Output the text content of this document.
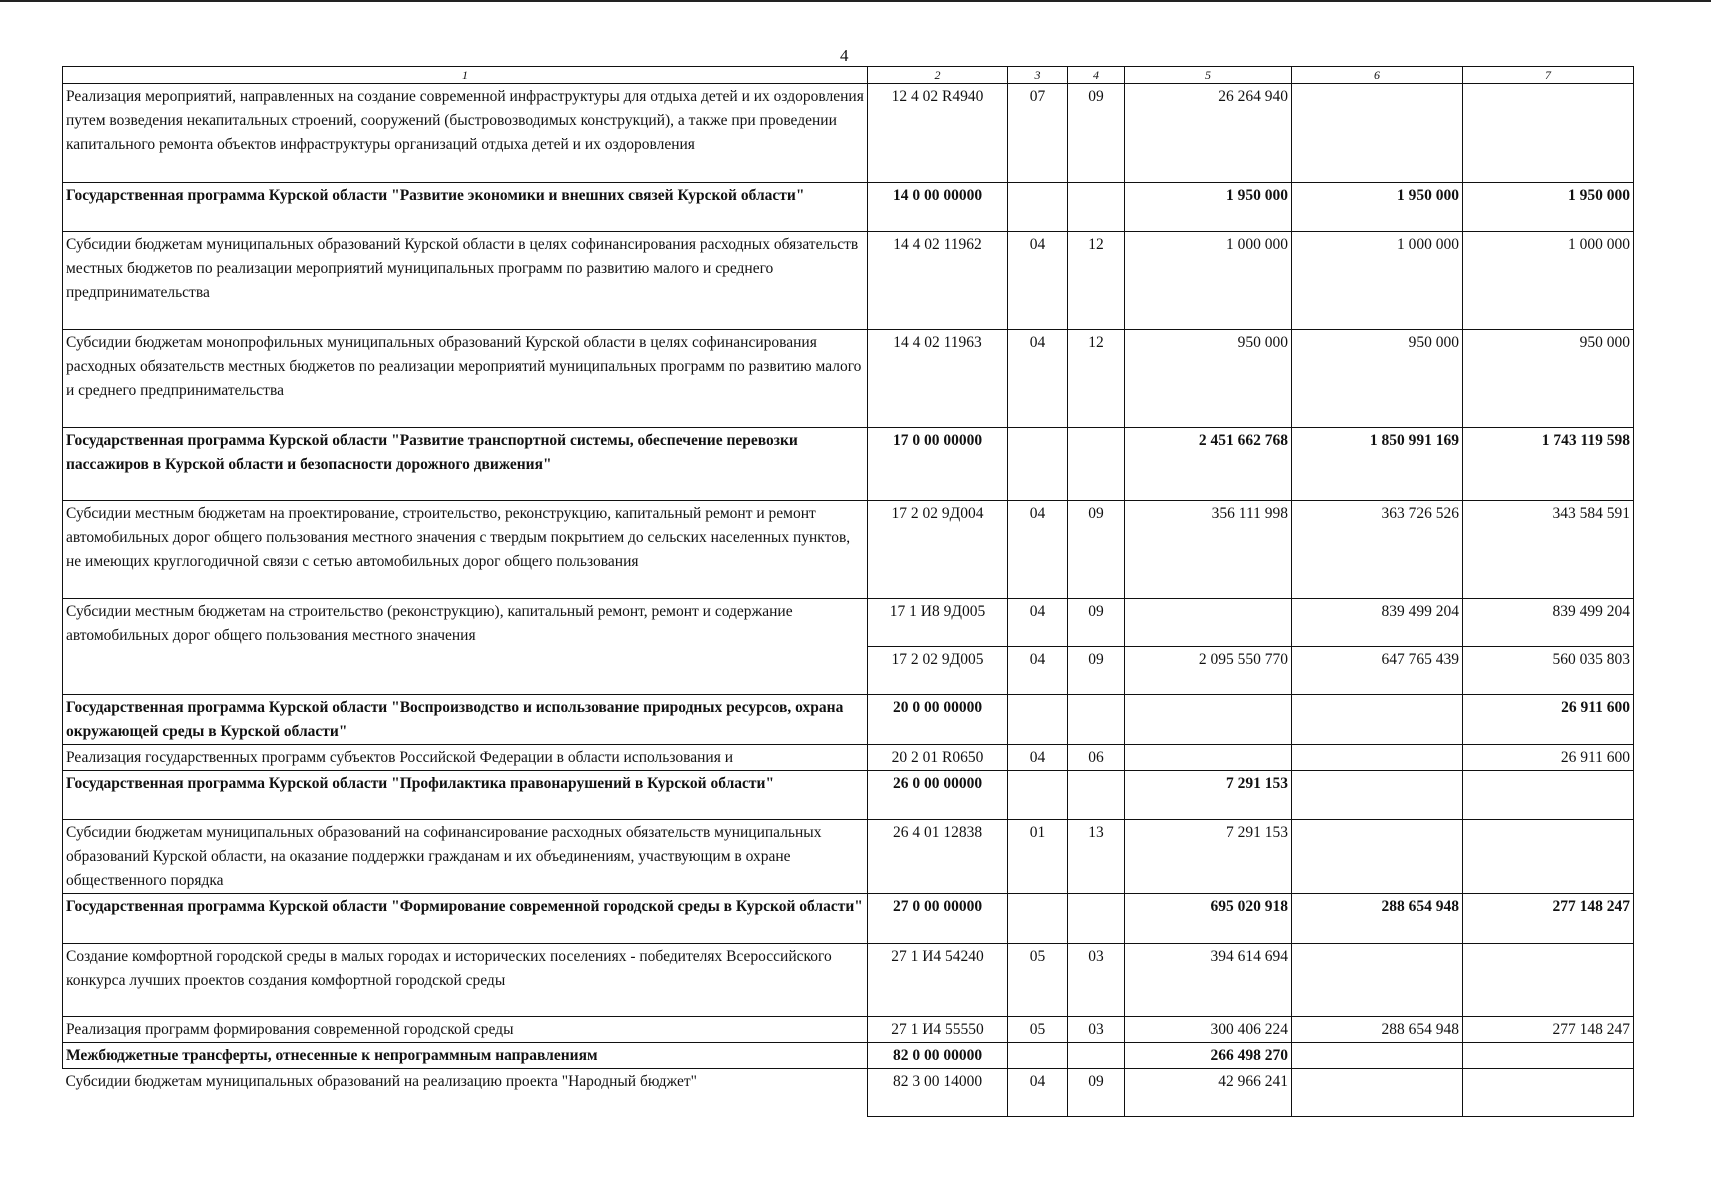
4
1	2	3	4	5	6	7
Реализация мероприятий, направленных на создание современной инфраструктуры для отдыха детей и их оздоровления путем возведения некапитальных строений, сооружений (быстровозводимых конструкций), а также при проведении капитального ремонта объектов инфраструктуры организаций отдыха детей и их оздоровления	12 4 02 R4940	07	09	26 264 940		
Государственная программа Курской области "Развитие экономики и внешних связей Курской области"	14 0 00 00000			1 950 000	1 950 000	1 950 000
Субсидии бюджетам муниципальных образований Курской области в целях софинансирования расходных обязательств местных бюджетов по реализации мероприятий муниципальных программ по развитию малого и среднего предпринимательства	14 4 02 11962	04	12	1 000 000	1 000 000	1 000 000
Субсидии бюджетам монопрофильных муниципальных образований Курской области в целях софинансирования расходных обязательств местных бюджетов по реализации мероприятий муниципальных программ по развитию малого и среднего предпринимательства	14 4 02 11963	04	12	950 000	950 000	950 000
Государственная программа Курской области "Развитие транспортной системы, обеспечение перевозки пассажиров в Курской области и безопасности дорожного движения"	17 0 00 00000			2 451 662 768	1 850 991 169	1 743 119 598
Субсидии местным бюджетам на проектирование, строительство, реконструкцию, капитальный ремонт и ремонт автомобильных дорог общего пользования местного значения с твердым покрытием до сельских населенных пунктов, не имеющих круглогодичной связи с сетью автомобильных дорог общего пользования	17 2 02 9Д004	04	09	356 111 998	363 726 526	343 584 591
Субсидии местным бюджетам на строительство (реконструкцию), капитальный ремонт, ремонт и содержание автомобильных дорог общего пользования местного значения	17 1 И8 9Д005	04	09		839 499 204	839 499 204
	17 2 02 9Д005	04	09	2 095 550 770	647 765 439	560 035 803
Государственная программа Курской области "Воспроизводство и использование природных ресурсов, охрана окружающей среды в Курской области"	20 0 00 00000					26 911 600
Реализация государственных программ субъектов Российской Федерации в области использования и	20 2 01 R0650	04	06			26 911 600
Государственная программа Курской области "Профилактика правонарушений в Курской области"	26 0 00 00000			7 291 153		
Субсидии бюджетам муниципальных образований на софинансирование расходных обязательств муниципальных образований Курской области, на оказание поддержки гражданам и их объединениям, участвующим в охране общественного порядка	26 4 01 12838	01	13	7 291 153		
Государственная программа Курской области "Формирование современной городской среды в Курской области"	27 0 00 00000			695 020 918	288 654 948	277 148 247
Создание комфортной городской среды в малых городах и исторических поселениях - победителях Всероссийского конкурса лучших проектов создания комфортной городской среды	27 1 И4 54240	05	03	394 614 694		
Реализация программ формирования современной городской среды	27 1 И4 55550	05	03	300 406 224	288 654 948	277 148 247
Межбюджетные трансферты, отнесенные к непрограммным направлениям	82 0 00 00000			266 498 270		
Субсидии бюджетам муниципальных образований на реализацию проекта "Народный бюджет"	82 3 00 14000	04	09	42 966 241		
